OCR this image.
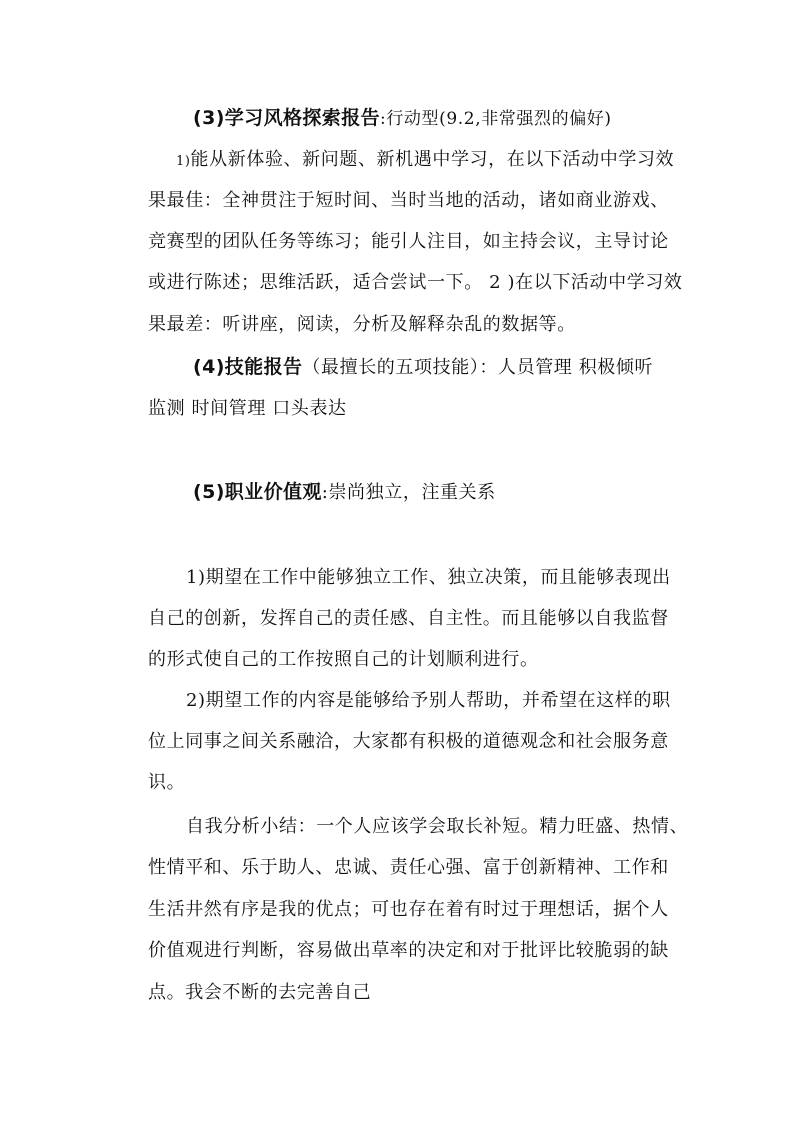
(3)学习风格探索报告:行动型(9.2,非常强烈的偏好)
1)能从新体验、新问题、新机遇中学习，在以下活动中学习效
果最佳：全神贯注于短时间、当时当地的活动，诸如商业游戏、
竞赛型的团队任务等练习；能引人注目，如主持会议，主导讨论
或进行陈述；思维活跃，适合尝试一下。 2 )在以下活动中学习效
果最差：听讲座，阅读，分析及解释杂乱的数据等。
(4)技能报告（最擅长的五项技能）：人员管理 积极倾听
监测 时间管理 口头表达
(5)职业价值观:崇尚独立，注重关系
1)期望在工作中能够独立工作、独立决策，而且能够表现出
自己的创新，发挥自己的责任感、自主性。而且能够以自我监督
的形式使自己的工作按照自己的计划顺利进行。
2)期望工作的内容是能够给予别人帮助，并希望在这样的职
位上同事之间关系融洽，大家都有积极的道德观念和社会服务意
识。
自我分析小结：一个人应该学会取长补短。精力旺盛、热情、
性情平和、乐于助人、忠诚、责任心强、富于创新精神、工作和
生活井然有序是我的优点；可也存在着有时过于理想话，据个人
价值观进行判断，容易做出草率的决定和对于批评比较脆弱的缺
点。我会不断的去完善自己
